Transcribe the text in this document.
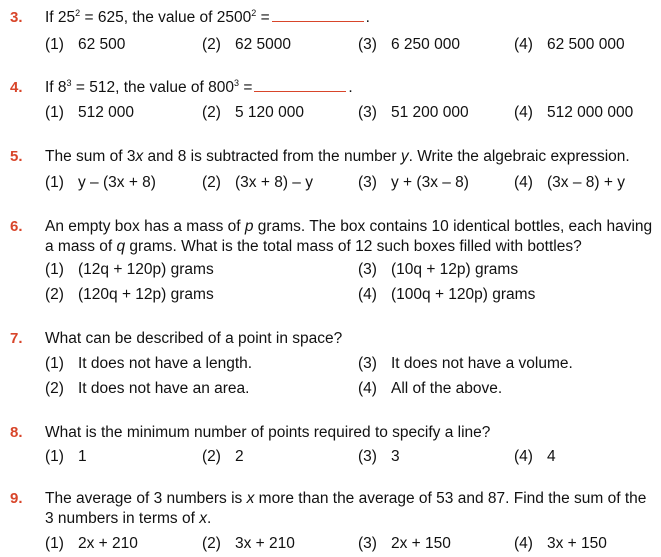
3. If $25^2 = 625$, the value of $2500^2$ =	.
(1) 62 500	(2) 62 5000	(3) 6 250 000	(4) 62 500 000
4. If $8^3 = 512$, the value of $800^3$ =	.
(1) 512 000	(2) 5 120 000	(3) 51 200 000	(4) 512 000 000
5. The sum of 3x and 8 is subtracted from the number y. Write the algebraic expression.
(1) y – (3x + 8)	(2) (3x + 8) – y	(3) y + (3x – 8)	(4) (3x – 8) + y
6. An empty box has a mass of p grams. The box contains 10 identical bottles, each having
a mass of q grams. What is the total mass of 12 such boxes filled with bottles?
(1) (12q + 120p) grams	(3) (10q + 12p) grams
(2) (120q + 12p) grams	(4) (100q + 120p) grams
7. What can be described of a point in space?
(1) It does not have a length.	(3) It does not have a volume.
(2) It does not have an area.	(4) All of the above.
8. What is the minimum number of points required to specify a line?
(1) 1	(2) 2	(3) 3	(4) 4
9. The average of 3 numbers is x more than the average of 53 and 87. Find the sum of the
3 numbers in terms of x.
(1) 2x + 210	(2) 3x + 210	(3) 2x + 150	(4) 3x + 150
